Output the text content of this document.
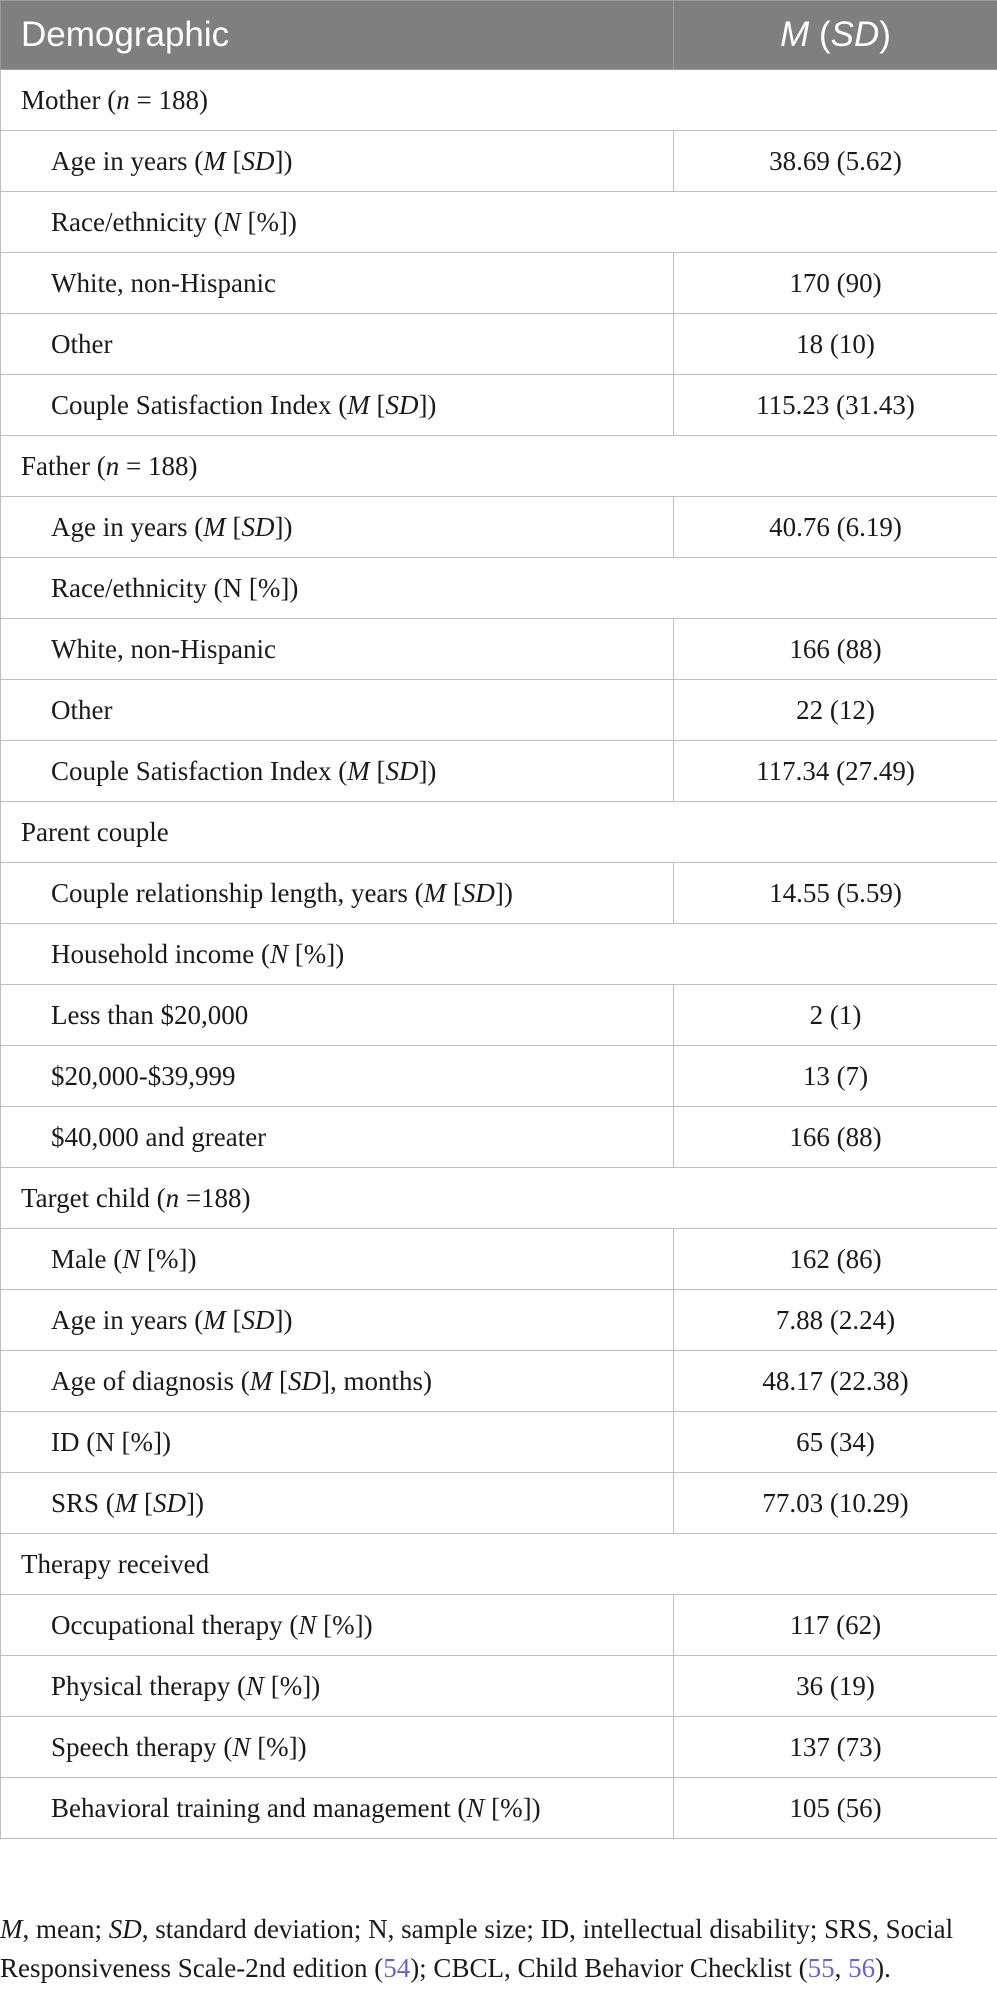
Demographic	M (SD)
Mother (n = 188)	
Age in years (M [SD])	38.69 (5.62)
Race/ethnicity (N [%])	
White, non-Hispanic	170 (90)
Other	18 (10)
Couple Satisfaction Index (M [SD])	115.23 (31.43)
Father (n = 188)	
Age in years (M [SD])	40.76 (6.19)
Race/ethnicity (N [%])	
White, non-Hispanic	166 (88)
Other	22 (12)
Couple Satisfaction Index (M [SD])	117.34 (27.49)
Parent couple	
Couple relationship length, years (M [SD])	14.55 (5.59)
Household income (N [%])	
Less than $20,000	2 (1)
$20,000-$39,999	13 (7)
$40,000 and greater	166 (88)
Target child (n =188)	
Male (N [%])	162 (86)
Age in years (M [SD])	7.88 (2.24)
Age of diagnosis (M [SD], months)	48.17 (22.38)
ID (N [%])	65 (34)
SRS (M [SD])	77.03 (10.29)
Therapy received	
Occupational therapy (N [%])	117 (62)
Physical therapy (N [%])	36 (19)
Speech therapy (N [%])	137 (73)
Behavioral training and management (N [%])	105 (56)

M, mean; SD, standard deviation; N, sample size; ID, intellectual disability; SRS, Social Responsiveness Scale-2nd edition (54); CBCL, Child Behavior Checklist (55, 56).
